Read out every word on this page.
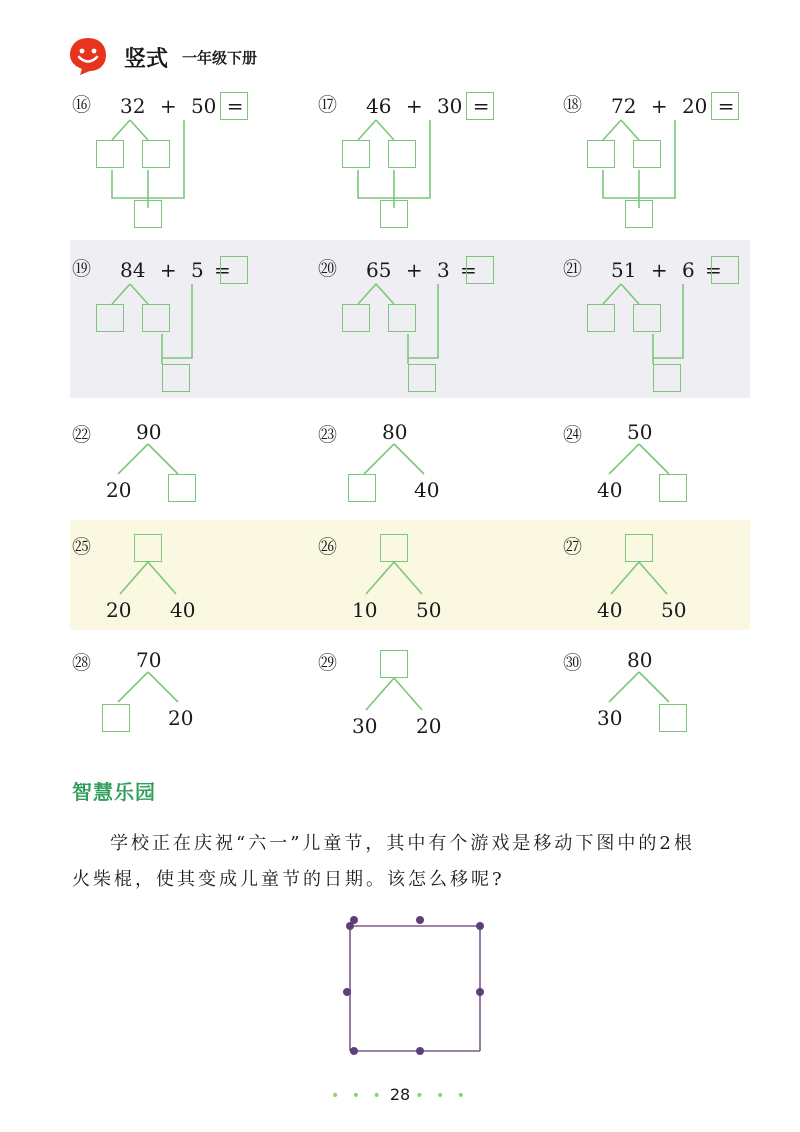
竖式 一年级下册
⑯ 32 + 50 =	⑰ 46 + 30 =	⑱ 72 + 20 =
⑲ 84 + 5 =	⑳ 65 + 3 =	㉑ 51 + 6 =
㉒ 90
20
㉓ 80
40
㉔ 50
40
㉕
20 40
㉖
10 50
㉗
40 50
㉘ 70
20
㉙
30 20
㉚ 80
30
智慧乐园
学校正在庆祝“六一”儿童节，其中有个游戏是移动下图中的2根
火柴棍，使其变成儿童节的日期。该怎么移呢?
• • • 28 • • •
